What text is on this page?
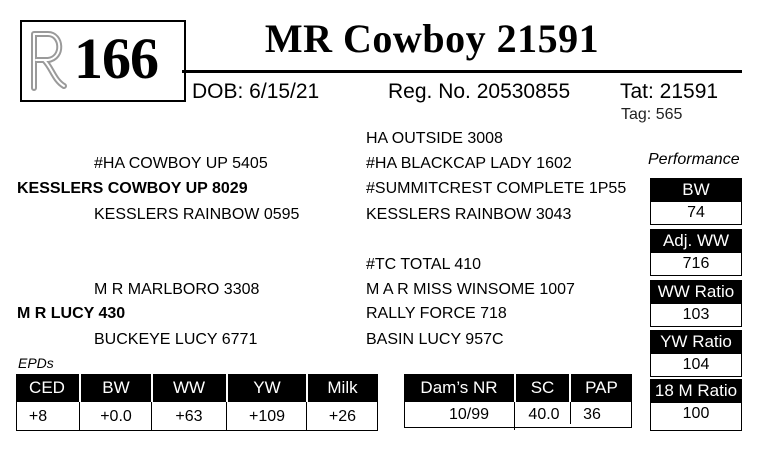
166	MR Cowboy 21591
DOB: 6/15/21	Reg. No. 20530855 Tat: 21591
Tag: 565
HA OUTSIDE 3008
#HA COWBOY UP 5405	#HA BLACKCAP LADY 1602
KESSLERS COWBOY UP 8029	#SUMMITCREST COMPLETE 1P55
KESSLERS RAINBOW 0595	KESSLERS RAINBOW 3043
#TC TOTAL 410
M R MARLBORO 3308	M A R MISS WINSOME 1007
M R LUCY 430	RALLY FORCE 718
BUCKEYE LUCY 6771	BASIN LUCY 957C
Performance
BW
74
Adj. WW
716
WW Ratio
103
YW Ratio
104
18 M Ratio
100
EPDs
CED	BW	WW	YW	Milk
+8	+0.0	+63	+109	+26
Dam’s NR	SC	PAP
10/99	40.0	36
